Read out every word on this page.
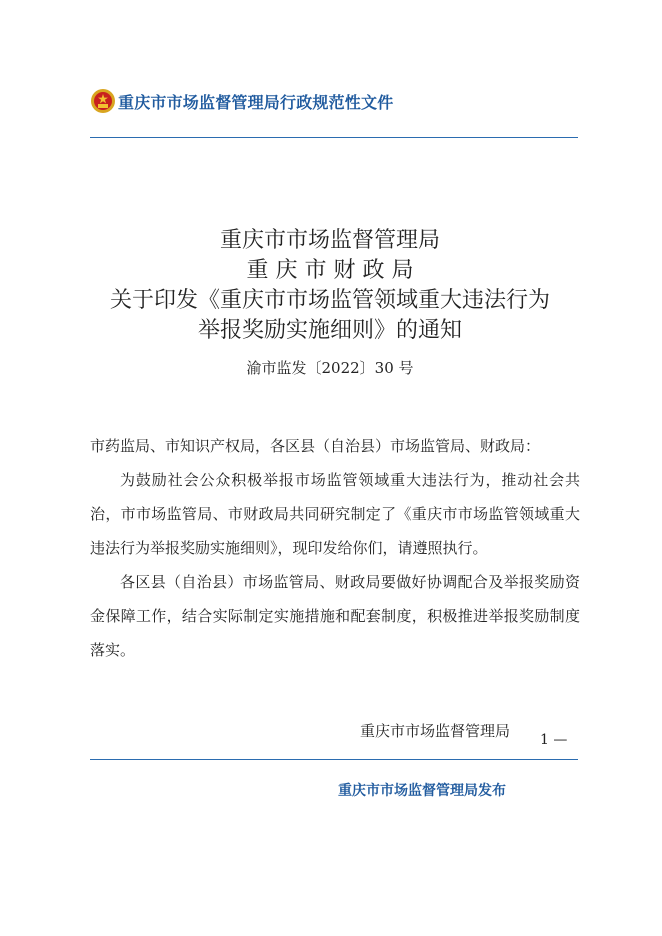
重庆市市场监督管理局行政规范性文件

重庆市市场监督管理局

重 庆 市 财 政 局

关于印发《重庆市市场监管领域重大违法行为

举报奖励实施细则》的通知

渝市监发〔2022〕30 号

市药监局、市知识产权局，各区县（自治县）市场监管局、财政局：

为鼓励社会公众积极举报市场监管领域重大违法行为，推动社会共治，市市场监管局、市财政局共同研究制定了《重庆市市场监管领域重大违法行为举报奖励实施细则》，现印发给你们，请遵照执行。

各区县（自治县）市场监管局、财政局要做好协调配合及举报奖励资金保障工作，结合实际制定实施措施和配套制度，积极推进举报奖励制度落实。

重庆市市场监督管理局 1 —
重庆市市场监督管理局发布
